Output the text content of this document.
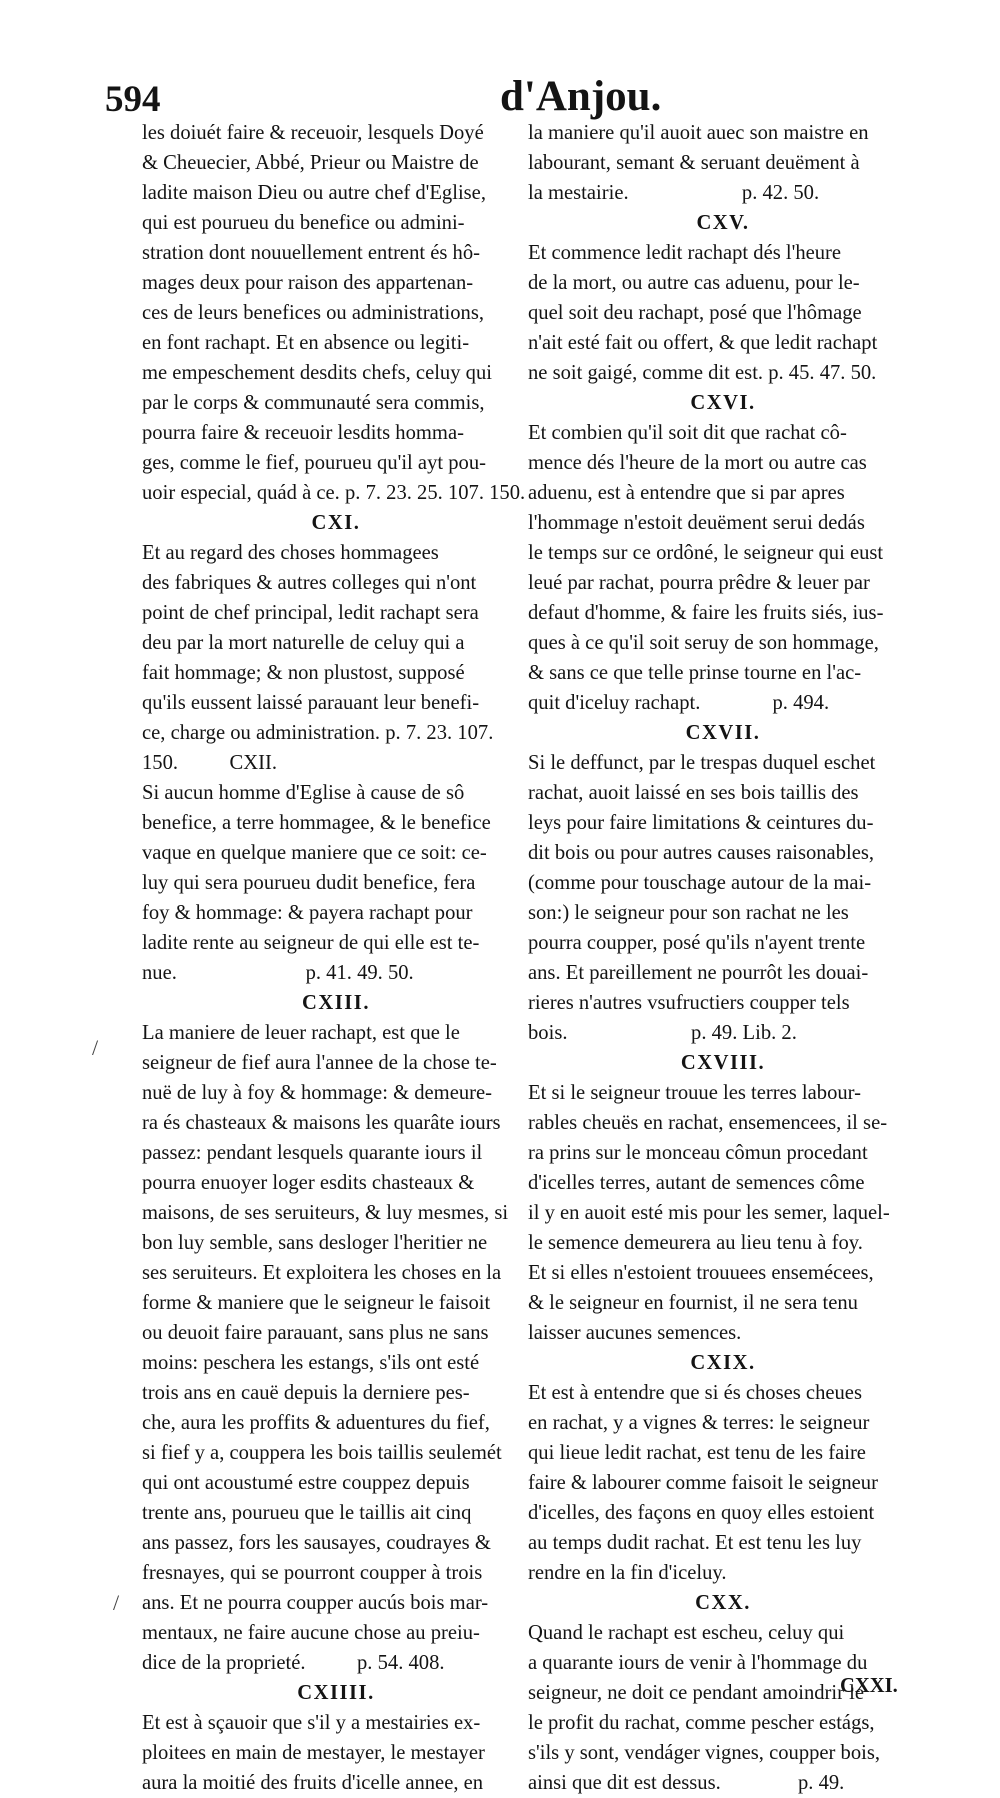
594	d'Anjou.
les doiuét faire & receuoir, lesquels Doyé
& Cheuecier, Abbé, Prieur ou Maistre de
ladite maison Dieu ou autre chef d'Eglise,
qui est pourueu du benefice ou admini-
stration dont nouuellement entrent és hô-
mages deux pour raison des appartenan-
ces de leurs benefices ou administrations,
en font rachapt. Et en absence ou legiti-
me empeschement desdits chefs, celuy qui
par le corps & communauté sera commis,
pourra faire & receuoir lesdits homma-
ges, comme le fief, pourueu qu'il ayt pou-
uoir especial, quád à ce. p. 7. 23. 25. 107. 150.
CXI.
Et au regard des choses hommagees
des fabriques & autres colleges qui n'ont
point de chef principal, ledit rachapt sera
deu par la mort naturelle de celuy qui a
fait hommage; & non plustost, supposé
qu'ils eussent laissé parauant leur benefi-
ce, charge ou administration. p. 7. 23. 107.
150.          CXII.
Si aucun homme d'Eglise à cause de sô
benefice, a terre hommagee, & le benefice
vaque en quelque maniere que ce soit: ce-
luy qui sera pourueu dudit benefice, fera
foy & hommage: & payera rachapt pour
ladite rente au seigneur de qui elle est te-
nue.                         p. 41. 49. 50.
CXIII.
La maniere de leuer rachapt, est que le
seigneur de fief aura l'annee de la chose te-
nuë de luy à foy & hommage: & demeure-
ra és chasteaux & maisons les quarâte iours
passez: pendant lesquels quarante iours il
pourra enuoyer loger esdits chasteaux &
maisons, de ses seruiteurs, & luy mesmes, si
bon luy semble, sans desloger l'heritier ne
ses seruiteurs. Et exploitera les choses en la
forme & maniere que le seigneur le faisoit
ou deuoit faire parauant, sans plus ne sans
moins: peschera les estangs, s'ils ont esté
trois ans en cauë depuis la derniere pes-
che, aura les proffits & aduentures du fief,
si fief y a, couppera les bois taillis seulemét
qui ont acoustumé estre couppez depuis
trente ans, pourueu que le taillis ait cinq
ans passez, fors les sausayes, coudrayes &
fresnayes, qui se pourront coupper à trois
ans. Et ne pourra coupper aucús bois mar-
mentaux, ne faire aucune chose au preiu-
dice de la proprieté.          p. 54. 408.
CXIIII.
Et est à sçauoir que s'il y a mestairies ex-
ploitees en main de mestayer, le mestayer
aura la moitié des fruits d'icelle annee, en
la maniere qu'il auoit auec son maistre en
labourant, semant & seruant deuëment à
la mestairie.                      p. 42. 50.
CXV.
Et commence ledit rachapt dés l'heure
de la mort, ou autre cas aduenu, pour le-
quel soit deu rachapt, posé que l'hômage
n'ait esté fait ou offert, & que ledit rachapt
ne soit gaigé, comme dit est. p. 45. 47. 50.
CXVI.
Et combien qu'il soit dit que rachat cô-
mence dés l'heure de la mort ou autre cas
aduenu, est à entendre que si par apres
l'hommage n'estoit deuëment serui dedás
le temps sur ce ordôné, le seigneur qui eust
leué par rachat, pourra prêdre & leuer par
defaut d'homme, & faire les fruits siés, ius-
ques à ce qu'il soit seruy de son hommage,
& sans ce que telle prinse tourne en l'ac-
quit d'iceluy rachapt.              p. 494.
CXVII.
Si le deffunct, par le trespas duquel eschet
rachat, auoit laissé en ses bois taillis des
leys pour faire limitations & ceintures du-
dit bois ou pour autres causes raisonables,
(comme pour touschage autour de la mai-
son:) le seigneur pour son rachat ne les
pourra coupper, posé qu'ils n'ayent trente
ans. Et pareillement ne pourrôt les douai-
rieres n'autres vsufructiers coupper tels
bois.                        p. 49. Lib. 2.
CXVIII.
Et si le seigneur trouue les terres labour-
rables cheuës en rachat, ensemencees, il se-
ra prins sur le monceau cômun procedant
d'icelles terres, autant de semences côme
il y en auoit esté mis pour les semer, laquel-
le semence demeurera au lieu tenu à foy.
Et si elles n'estoient trouuees ensemécees,
& le seigneur en fournist, il ne sera tenu
laisser aucunes semences.
CXIX.
Et est à entendre que si és choses cheues
en rachat, y a vignes & terres: le seigneur
qui lieue ledit rachat, est tenu de les faire
faire & labourer comme faisoit le seigneur
d'icelles, des façons en quoy elles estoient
au temps dudit rachat. Et est tenu les luy
rendre en la fin d'iceluy.
CXX.
Quand le rachapt est escheu, celuy qui
a quarante iours de venir à l'hommage du
seigneur, ne doit ce pendant amoindrir le
le profit du rachat, comme pescher estágs,
s'ils y sont, vendáger vignes, coupper bois,
ainsi que dit est dessus.               p. 49.
CXXI.
/
/
